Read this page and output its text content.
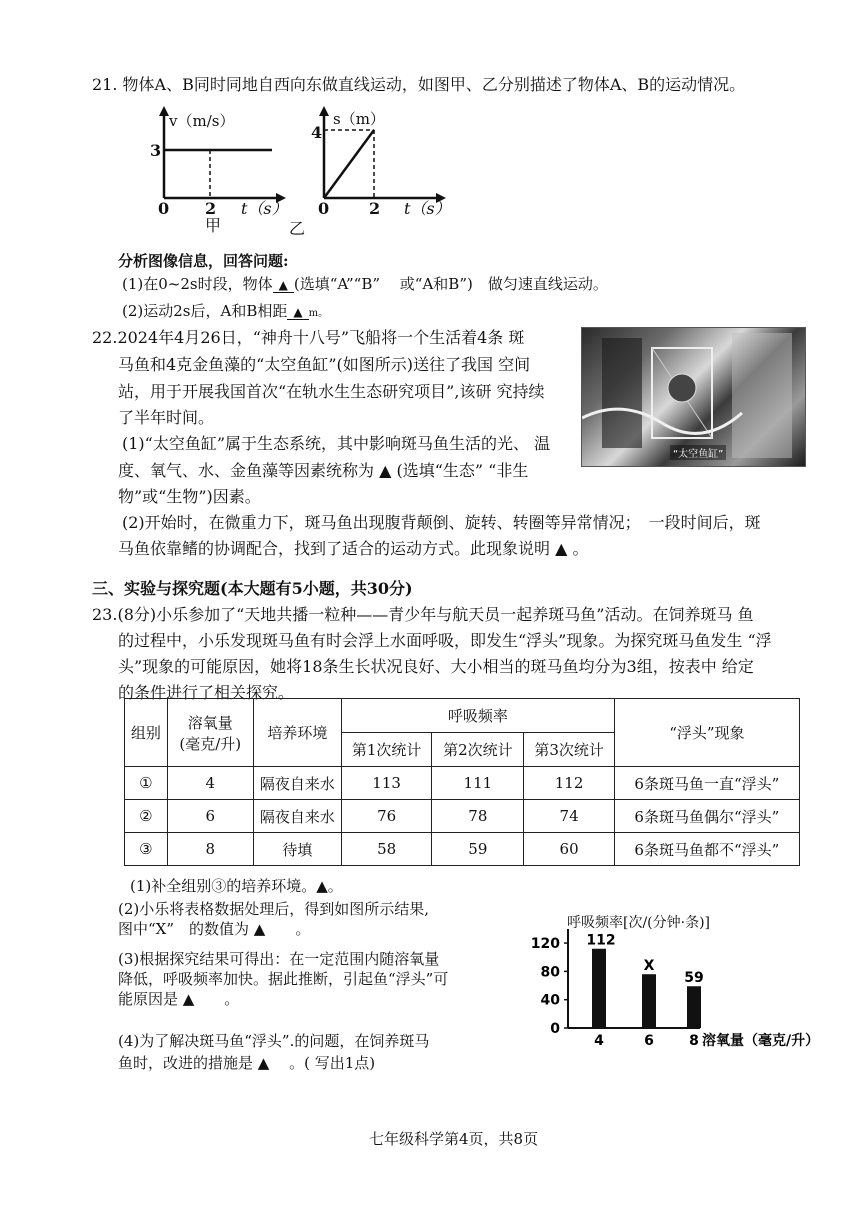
21. 物体A、B同时同地自西向东做直线运动，如图甲、乙分别描述了物体A、B的运动情况。
v（m/s）
3
0 2 t（s）
甲
s（m）
4
0 2 t（s）
乙
分析图像信息，回答问题:
(1)在0~2s时段，物体 ▲ (选填“A”“B”　 或“A和B”)　做匀速直线运动。
(2)运动2s后，A和B相距 ▲ m。
22.2024年4月26日，“神舟十八号”飞船将一个生活着4条 斑
马鱼和4克金鱼藻的“太空鱼缸”(如图所示)送往了我国 空间
站，用于开展我国首次“在轨水生生态研究项目”,该研 究持续
了半年时间。
(1)“太空鱼缸”属于生态系统，其中影响斑马鱼生活的光、 温
度、氧气、水、金鱼藻等因素统称为 ▲ (选填“生态” “非生
物”或“生物”)因素。
(2)开始时，在微重力下，斑马鱼出现腹背颠倒、旋转、转圈等异常情况；　一段时间后，斑
马鱼依靠鳍的协调配合，找到了适合的运动方式。此现象说明 ▲ 。
“太空鱼缸”
三、实验与探究题(本大题有5小题，共30分)
23.(8分)小乐参加了“天地共播一粒种——青少年与航天员一起养斑马鱼”活动。在饲养斑马 鱼
的过程中，小乐发现斑马鱼有时会浮上水面呼吸，即发生“浮头”现象。为探究斑马鱼发生 “浮
头”现象的可能原因，她将18条生长状况良好、大小相当的斑马鱼均分为3组，按表中 给定
的条件进行了相关探究。
组别	溶氧量
(毫克/升)	培养环境	呼吸频率			“浮头”现象
			第1次统计	第2次统计	第3次统计	
①	4	隔夜自来水	113	111	112	6条斑马鱼一直“浮头”
②	6	隔夜自来水	76	78	74	6条斑马鱼偶尔“浮头”
③	8	待填	58	59	60	6条斑马鱼都不“浮头”
(1)补全组别③的培养环境。▲。
(2)小乐将表格数据处理后，得到如图所示结果,
图中“X”　的数值为 ▲　　。
(3)根据探究结果可得出：在一定范围内随溶氧量
降低，呼吸频率加快。据此推断，引起鱼“浮头”可
能原因是 ▲　　。
(4)为了解决斑马鱼“浮头”.的问题，在饲养斑马
鱼时，改进的措施是 ▲　 。( 写出1点)
呼吸频率[次/(分钟·条)]
120
80
40
0
112
4
X
6
59
8 溶氧量（毫克/升）
七年级科学第4页，共8页
